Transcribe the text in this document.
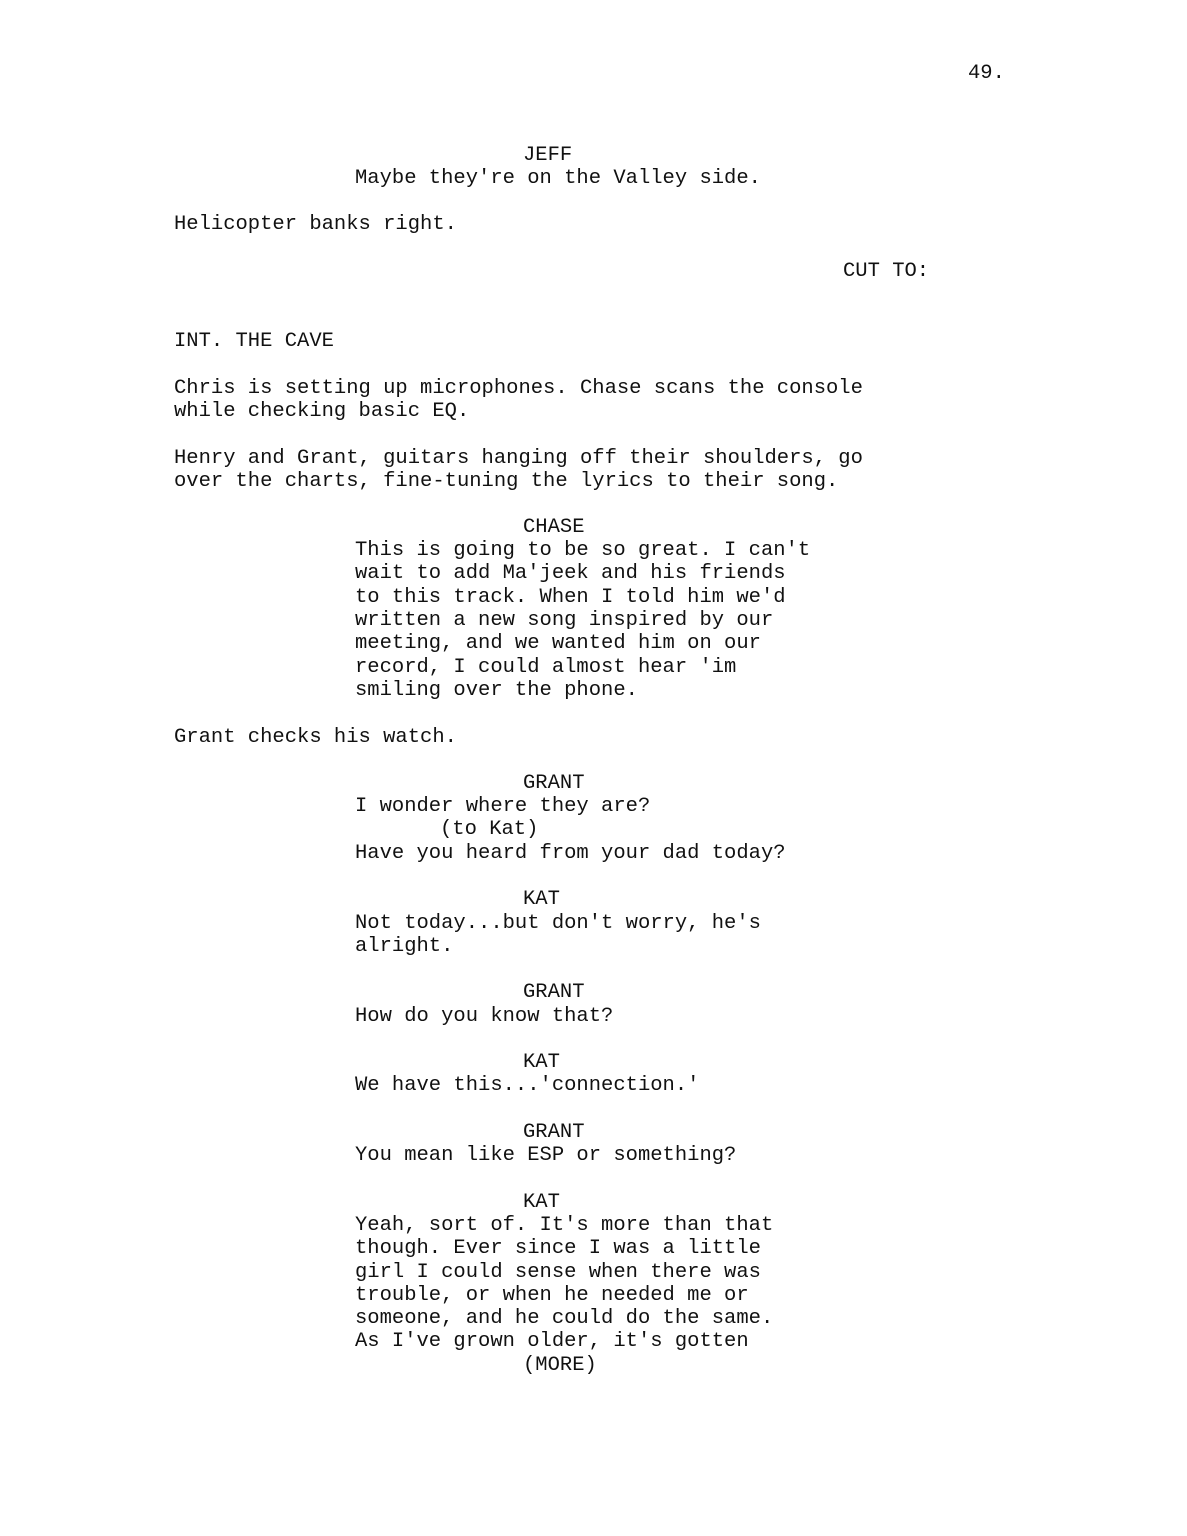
49.
JEFF
Maybe they're on the Valley side.
Helicopter banks right.
CUT TO:
INT. THE CAVE
Chris is setting up microphones. Chase scans the console
while checking basic EQ.
Henry and Grant, guitars hanging off their shoulders, go
over the charts, fine-tuning the lyrics to their song.
CHASE
This is going to be so great. I can't
wait to add Ma'jeek and his friends
to this track. When I told him we'd
written a new song inspired by our
meeting, and we wanted him on our
record, I could almost hear 'im
smiling over the phone.
Grant checks his watch.
GRANT
I wonder where they are?
(to Kat)
Have you heard from your dad today?
KAT
Not today...but don't worry, he's
alright.
GRANT
How do you know that?
KAT
We have this...'connection.'
GRANT
You mean like ESP or something?
KAT
Yeah, sort of. It's more than that
though. Ever since I was a little
girl I could sense when there was
trouble, or when he needed me or
someone, and he could do the same.
As I've grown older, it's gotten
(MORE)
